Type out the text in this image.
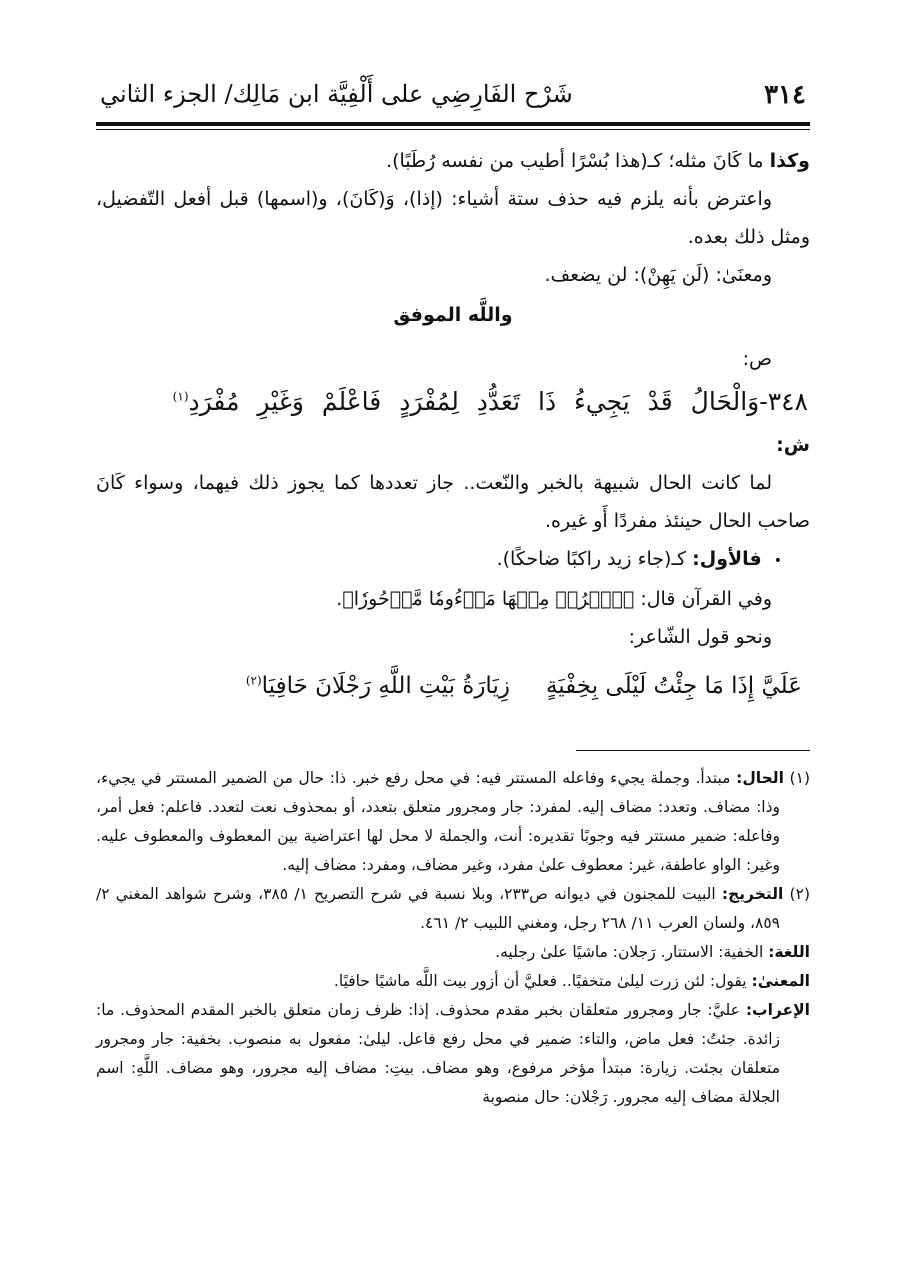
٣١٤
شَرْح الفَارِضِي على أَلْفِيَّة ابن مَالِك/ الجزء الثاني

وكذا ما كَانَ مثله؛ كـ(هذا بُسْرًا أطيب من نفسه رُطَبًا).

واعترض بأنه يلزم فيه حذف ستة أشياء: (إذا)، وَ(كَانَ)، و(اسمها) قبل أفعل التّفضيل، ومثل ذلك بعده.

ومعنَىٰ: (لَن يَهِنْ): لن يضعف.

واللَّه الموفق

ص:

٣٤٨-وَالْحَالُ قَدْ يَجِيءُ ذَا تَعَدُّدِ لِمُفْرَدٍ فَاعْلَمْ وَغَيْرِ مُفْرَدِ$^{(١)}$

ش:

لما كانت الحال شبيهة بالخبر والنّعت.. جاز تعددها كما يجوز ذلك فيهما، وسواء كَانَ صاحب الحال حينئذ مفردًا أَو غيره.

•فالأول: كـ(جاء زيد راكبًا ضاحكًا).

وفي القرآن قال: ﴿ٱخۡرُجۡ مِنۡهَا مَذۡءُومٗا مَّدۡحُورٗا﴾.

ونحو قول الشّاعر:

عَلَيَّ إِذَا مَا جِئْتُ لَيْلَى بِخِفْيَةٍزِيَارَةُ بَيْتِ اللَّهِ رَجْلَانَ حَافِيَا$^{(٢)}$

(١) الحال: مبتدأ. وجملة يجيء وفاعله المستتر فيه: في محل رفع خبر. ذا: حال من الضمير المستتر في يجيء، وذا: مضاف. وتعدد: مضاف إليه. لمفرد: جار ومجرور متعلق بتعدد، أو بمحذوف نعت لتعدد. فاعلم: فعل أمر، وفاعله: ضمير مستتر فيه وجوبًا تقديره: أنت، والجملة لا محل لها اعتراضية بين المعطوف والمعطوف عليه. وغير: الواو عاطفة، غير: معطوف علىٰ مفرد، وغير مضاف، ومفرد: مضاف إليه.

(٢) التخريج: البيت للمجنون في ديوانه ص٢٣٣، وبلا نسبة في شرح التصريح ١/ ٣٨٥، وشرح شواهد المغني ٢/ ٨٥٩، ولسان العرب ١١/ ٢٦٨ رجل، ومغني اللبيب ٢/ ٤٦١.

اللغة: الخفية: الاستتار. رَجلان: ماشيًا علىٰ رجليه.

المعنىٰ: يقول: لئن زرت ليلىٰ متخفيًا.. فعليَّ أن أزور بيت اللَّه ماشيًا حافيًا.

الإعراب: عليَّ: جار ومجرور متعلقان بخبر مقدم محذوف. إذا: ظرف زمان متعلق بالخبر المقدم المحذوف. ما: زائدة. جئتُ: فعل ماض، والتاء: ضمير في محل رفع فاعل. ليلىٰ: مفعول به منصوب. بخفية: جار ومجرور متعلقان بجئت. زيارة: مبتدأ مؤخر مرفوع، وهو مضاف. بيتِ: مضاف إليه مجرور، وهو مضاف. اللَّهِ: اسم الجلالة مضاف إليه مجرور. رَجْلان: حال منصوبة
